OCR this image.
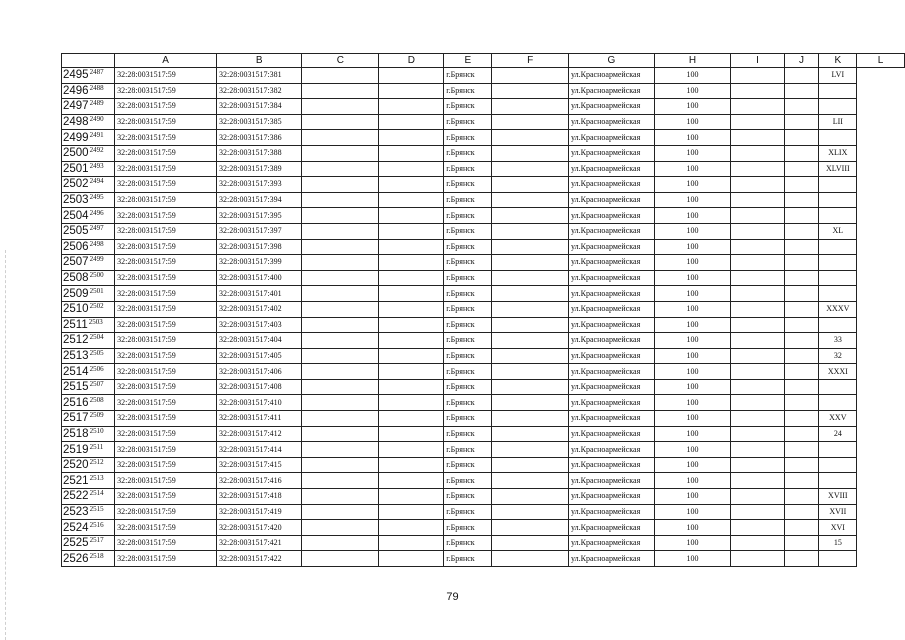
	A	B	C	D	E	F	G	H	I	J	K	L
$2495^{2487}$	32:28:0031517:59	32:28:0031517:381			г.Брянск		ул.Красноармейская	100			LVI	
$2496^{2488}$	32:28:0031517:59	32:28:0031517:382			г.Брянск		ул.Красноармейская	100				
$2497^{2489}$	32:28:0031517:59	32:28:0031517:384			г.Брянск		ул.Красноармейская	100				
$2498^{2490}$	32:28:0031517:59	32:28:0031517:385			г.Брянск		ул.Красноармейская	100			LII	
$2499^{2491}$	32:28:0031517:59	32:28:0031517:386			г.Брянск		ул.Красноармейская	100				
$2500^{2492}$	32:28:0031517:59	32:28:0031517:388			г.Брянск		ул.Красноармейская	100			XLIX	
$2501^{2493}$	32:28:0031517:59	32:28:0031517:389			г.Брянск		ул.Красноармейская	100			XLVIII	
$2502^{2494}$	32:28:0031517:59	32:28:0031517:393			г.Брянск		ул.Красноармейская	100				
$2503^{2495}$	32:28:0031517:59	32:28:0031517:394			г.Брянск		ул.Красноармейская	100				
$2504^{2496}$	32:28:0031517:59	32:28:0031517:395			г.Брянск		ул.Красноармейская	100				
$2505^{2497}$	32:28:0031517:59	32:28:0031517:397			г.Брянск		ул.Красноармейская	100			XL	
$2506^{2498}$	32:28:0031517:59	32:28:0031517:398			г.Брянск		ул.Красноармейская	100				
$2507^{2499}$	32:28:0031517:59	32:28:0031517:399			г.Брянск		ул.Красноармейская	100				
$2508^{2500}$	32:28:0031517:59	32:28:0031517:400			г.Брянск		ул.Красноармейская	100				
$2509^{2501}$	32:28:0031517:59	32:28:0031517:401			г.Брянск		ул.Красноармейская	100				
$2510^{2502}$	32:28:0031517:59	32:28:0031517:402			г.Брянск		ул.Красноармейская	100			XXXV	
$2511^{2503}$	32:28:0031517:59	32:28:0031517:403			г.Брянск		ул.Красноармейская	100				
$2512^{2504}$	32:28:0031517:59	32:28:0031517:404			г.Брянск		ул.Красноармейская	100			33	
$2513^{2505}$	32:28:0031517:59	32:28:0031517:405			г.Брянск		ул.Красноармейская	100			32	
$2514^{2506}$	32:28:0031517:59	32:28:0031517:406			г.Брянск		ул.Красноармейская	100			XXXI	
$2515^{2507}$	32:28:0031517:59	32:28:0031517:408			г.Брянск		ул.Красноармейская	100				
$2516^{2508}$	32:28:0031517:59	32:28:0031517:410			г.Брянск		ул.Красноармейская	100				
$2517^{2509}$	32:28:0031517:59	32:28:0031517:411			г.Брянск		ул.Красноармейская	100			XXV	
$2518^{2510}$	32:28:0031517:59	32:28:0031517:412			г.Брянск		ул.Красноармейская	100			24	
$2519^{2511}$	32:28:0031517:59	32:28:0031517:414			г.Брянск		ул.Красноармейская	100				
$2520^{2512}$	32:28:0031517:59	32:28:0031517:415			г.Брянск		ул.Красноармейская	100				
$2521^{2513}$	32:28:0031517:59	32:28:0031517:416			г.Брянск		ул.Красноармейская	100				
$2522^{2514}$	32:28:0031517:59	32:28:0031517:418			г.Брянск		ул.Красноармейская	100			XVIII	
$2523^{2515}$	32:28:0031517:59	32:28:0031517:419			г.Брянск		ул.Красноармейская	100			XVII	
$2524^{2516}$	32:28:0031517:59	32:28:0031517:420			г.Брянск		ул.Красноармейская	100			XVI	
$2525^{2517}$	32:28:0031517:59	32:28:0031517:421			г.Брянск		ул.Красноармейская	100			15	
$2526^{2518}$	32:28:0031517:59	32:28:0031517:422			г.Брянск		ул.Красноармейская	100				
79
